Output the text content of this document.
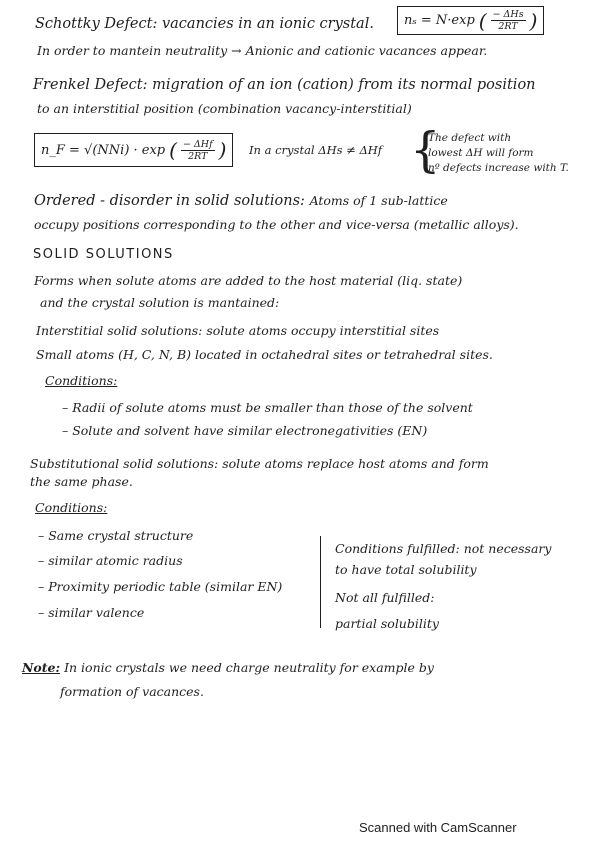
Schottky Defect: vacancies in an ionic crystal. nₛ = N·exp ( $\frac{\text{− ΔHs}}{2RT}$ )
In order to mantein neutrality → Anionic and cationic vacances appear.
Frenkel Defect: migration of an ion (cation) from its normal position
to an interstitial position (combination vacancy-interstitial)
n_F = √(NNi) · exp ( $\frac{\text{− ΔHf}}{2RT}$ ) In a crystal ΔHs ≠ ΔHf {
The defect with
lowest ΔH will form
nº defects increase with T.
Ordered - disorder in solid solutions: Atoms of 1 sub-lattice
occupy positions corresponding to the other and vice-versa (metallic alloys).
SOLID SOLUTIONS
Forms when solute atoms are added to the host material (liq. state)
and the crystal solution is mantained:
Interstitial solid solutions: solute atoms occupy interstitial sites
Small atoms (H, C, N, B) located in octahedral sites or tetrahedral sites.
Conditions:
– Radii of solute atoms must be smaller than those of the solvent
– Solute and solvent have similar electronegativities (EN)
Substitutional solid solutions: solute atoms replace host atoms and form
the same phase.
Conditions:
– Same crystal structure
– similar atomic radius
– Proximity periodic table (similar EN)
– similar valence
Conditions fulfilled: not necessary
to have total solubility
Not all fulfilled:
partial solubility
Note: In ionic crystals we need charge neutrality for example by
formation of vacances.
Scanned with CamScanner
